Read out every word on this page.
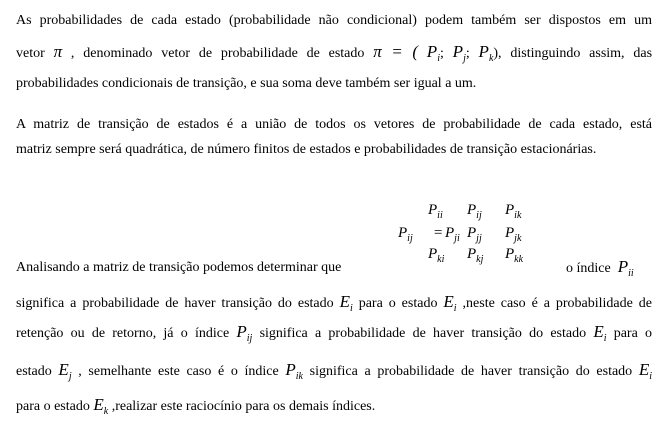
As probabilidades de cada estado (probabilidade não condicional) podem também ser dispostos em um
vetor π , denominado vetor de probabilidade de estado π = ( $P_i$; $P_j$; $P_k$), distinguindo assim, das
probabilidades condicionais de transição, e sua soma deve também ser igual a um.
A matriz de transição de estados é a união de todos os vetores de probabilidade de cada estado, está
matriz sempre será quadrática, de número finitos de estados e probabilidades de transição estacionárias.
$P_{ij}$ =
$P_{ii}$ $P_{ij}$ $P_{ik}$
$P_{ji}$ $P_{jj}$ $P_{jk}$
$P_{ki}$ $P_{kj}$ $P_{kk}$
Analisando a matriz de transição podemos determinar que	o índice $P_{ii}$
significa a probabilidade de haver transição do estado $E_i$ para o estado $E_i$ ,neste caso é a probabilidade de
retenção ou de retorno, já o índice $P_{ij}$ significa a probabilidade de haver transição do estado $E_i$ para o
estado $E_j$ , semelhante este caso é o índice $P_{ik}$ significa a probabilidade de haver transição do estado $E_i$
para o estado $E_k$ ,realizar este raciocínio para os demais índices.
